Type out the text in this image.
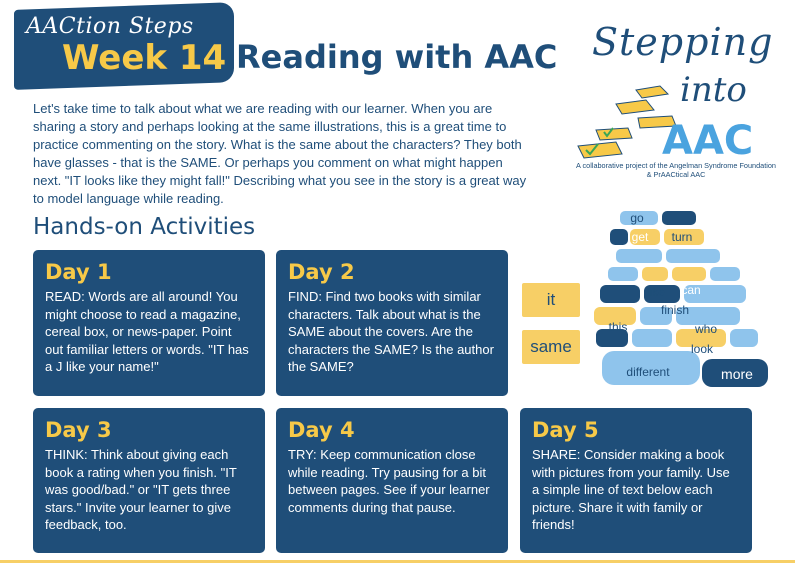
AACtion Steps
Week 14 Reading with AAC Stepping
into
AAC
A collaborative project of the Angelman Syndrome Foundation & PrAACtical AAC

Let's take time to talk about what we are reading with our learner. When you are sharing a story and perhaps looking at the same illustrations, this is a great time to practice commenting on the story. What is the same about the characters? They both have glasses - that is the SAME. Or perhaps you comment on what might happen next. "IT looks like they might fall!" Describing what you see in the story is a great way to model language while reading.

Hands-on Activities
Day 1
READ: Words are all around! You might choose to read a magazine, cereal box, or news-paper. Point out familiar letters or words. "IT has a J like your name!"
Day 2
FIND: Find two books with similar characters. Talk about what is the SAME about the covers. Are the characters the SAME? Is the author the SAME?
Day 3
THINK: Think about giving each book a rating when you finish. "IT was good/bad." or "IT gets three stars." Invite your learner to give feedback, too.
Day 4
TRY: Keep communication close while reading. Try pausing for a bit between pages. See if your learner comments during that pause.
Day 5
SHARE: Consider making a book with pictures from your family. Use a simple line of text below each picture. Share it with family or friends!
it
same
go
get turn
like can
finish
this	who
look
different	more
